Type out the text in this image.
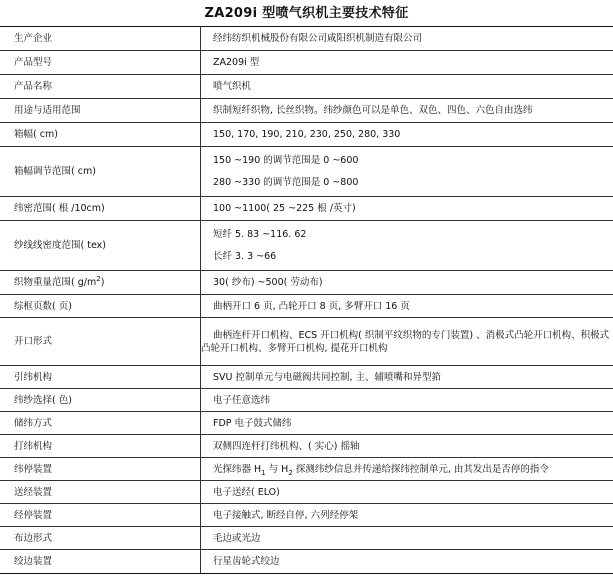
ZA209i 型喷气织机主要技术特征
生产企业	经纬纺织机械股份有限公司咸阳织机制造有限公司
产品型号	ZA209i 型
产品名称	喷气织机
用途与适用范围	织制短纤织物, 长丝织物。纬纱颜色可以是单色、双色、四色、六色自由选纬
箱幅( cm)	150, 170, 190, 210, 230, 250, 280, 330
箱幅调节范围( cm)	150 ~190 的调节范围是 0 ~600
280 ~330 的调节范围是 0 ~800

纬密范围( 根 /10cm)	100 ~1100( 25 ~225 根 /英寸)
纱线线密度范围( tex)	短纤 5. 83 ~116. 62
长纤 3. 3 ~66

织物重量范围( $g/m^2$)	30( 纱布) ~500( 劳动布)
综框页数( 页)	曲柄开口 6 页, 凸轮开口 8 页, 多臂开口 16 页
开口形式	曲柄连杆开口机构、ECS 开口机构( 织制平纹织物的专门装置) 、消极式凸轮开口机构、积极式凸轮开口机构、多臂开口机构, 提花开口机构
引纬机构	SVU 控制单元与电磁阀共同控制, 主、辅喷嘴和异型筘
纬纱选择( 色)	电子任意选纬
储纬方式	FDP 电子鼓式储纬
打纬机构	双侧四连杆打纬机构、( 实心) 摇轴
纬停装置	光探纬器 $H_1$ 与 $H_2$ 探测纬纱信息并传递给探纬控制单元, 由其发出是否停的指令
送经装置	电子送经( ELO)
经停装置	电子接触式, 断经自停, 六列经停架
布边形式	毛边或光边
绞边装置	行星齿轮式绞边
